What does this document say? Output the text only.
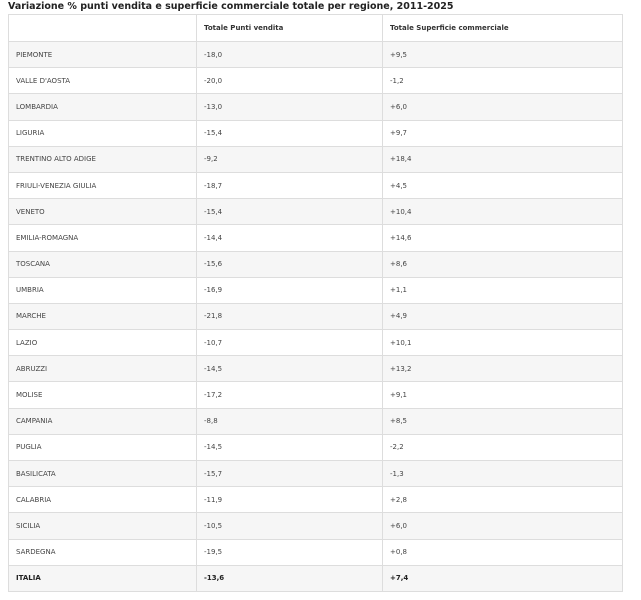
Variazione % punti vendita e superficie commerciale totale per regione, 2011-2025
	Totale Punti vendita	Totale Superficie commerciale
PIEMONTE	-18,0	+9,5
VALLE D'AOSTA	-20,0	-1,2
LOMBARDIA	-13,0	+6,0
LIGURIA	-15,4	+9,7
TRENTINO ALTO ADIGE	-9,2	+18,4
FRIULI-VENEZIA GIULIA	-18,7	+4,5
VENETO	-15,4	+10,4
EMILIA-ROMAGNA	-14,4	+14,6
TOSCANA	-15,6	+8,6
UMBRIA	-16,9	+1,1
MARCHE	-21,8	+4,9
LAZIO	-10,7	+10,1
ABRUZZI	-14,5	+13,2
MOLISE	-17,2	+9,1
CAMPANIA	-8,8	+8,5
PUGLIA	-14,5	-2,2
BASILICATA	-15,7	-1,3
CALABRIA	-11,9	+2,8
SICILIA	-10,5	+6,0
SARDEGNA	-19,5	+0,8
ITALIA	-13,6	+7,4
